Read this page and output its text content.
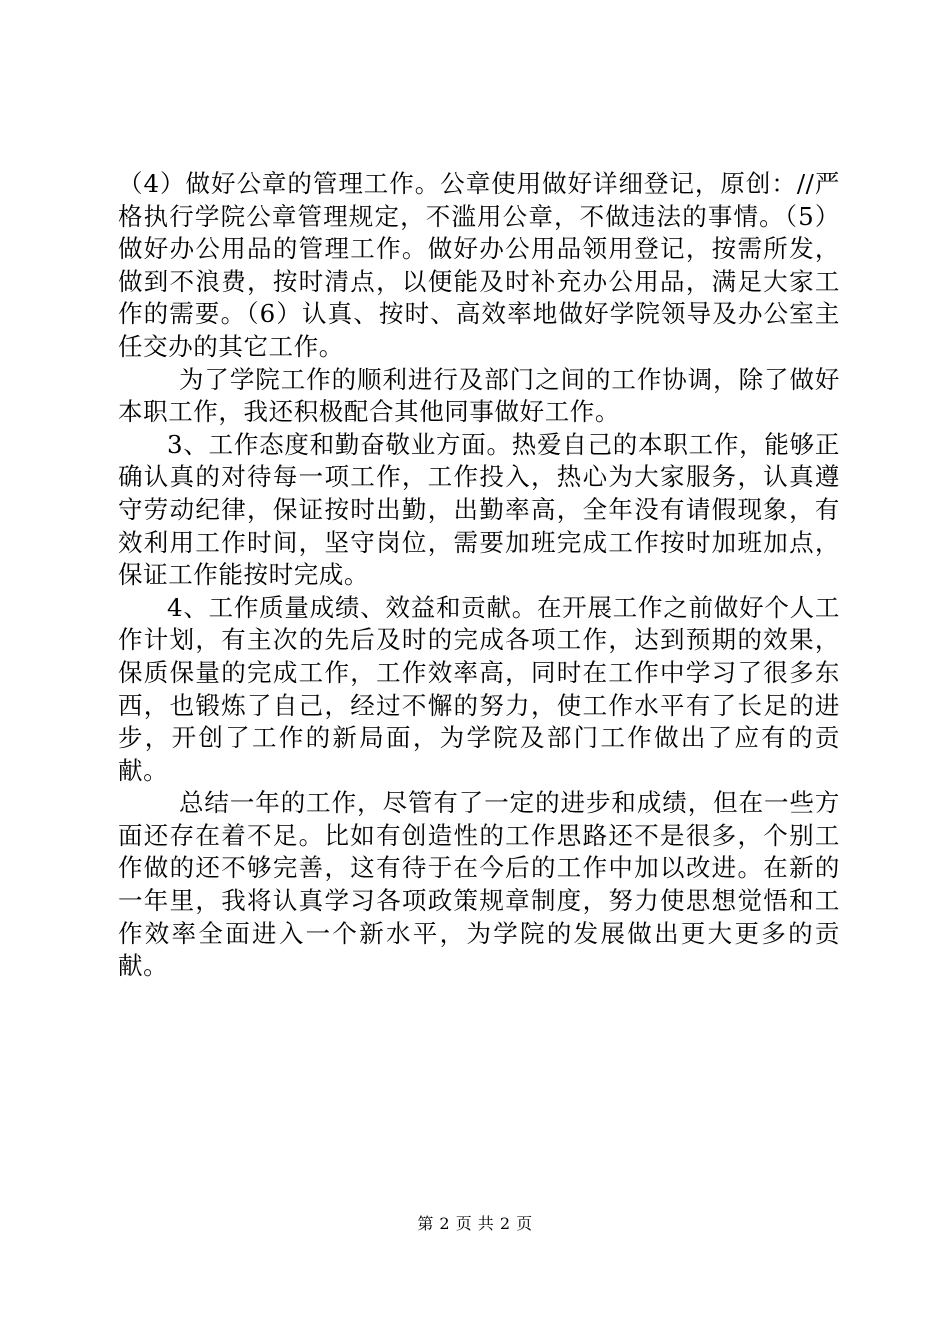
（4）做好公章的管理工作。公章使用做好详细登记，原创：//严格执行学院公章管理规定，不滥用公章，不做违法的事情。（5）做好办公用品的管理工作。做好办公用品领用登记，按需所发，做到不浪费，按时清点，以便能及时补充办公用品，满足大家工作的需要。（6）认真、按时、高效率地做好学院领导及办公室主任交办的其它工作。

为了学院工作的顺利进行及部门之间的工作协调，除了做好本职工作，我还积极配合其他同事做好工作。

3、工作态度和勤奋敬业方面。热爱自己的本职工作，能够正确认真的对待每一项工作，工作投入，热心为大家服务，认真遵守劳动纪律，保证按时出勤，出勤率高，全年没有请假现象，有效利用工作时间，坚守岗位，需要加班完成工作按时加班加点，保证工作能按时完成。

4、工作质量成绩、效益和贡献。在开展工作之前做好个人工作计划，有主次的先后及时的完成各项工作，达到预期的效果，保质保量的完成工作，工作效率高，同时在工作中学习了很多东西，也锻炼了自己，经过不懈的努力，使工作水平有了长足的进步，开创了工作的新局面，为学院及部门工作做出了应有的贡献。

总结一年的工作，尽管有了一定的进步和成绩，但在一些方面还存在着不足。比如有创造性的工作思路还不是很多，个别工作做的还不够完善，这有待于在今后的工作中加以改进。在新的一年里，我将认真学习各项政策规章制度，努力使思想觉悟和工作效率全面进入一个新水平，为学院的发展做出更大更多的贡献。

第 2 页 共 2 页
